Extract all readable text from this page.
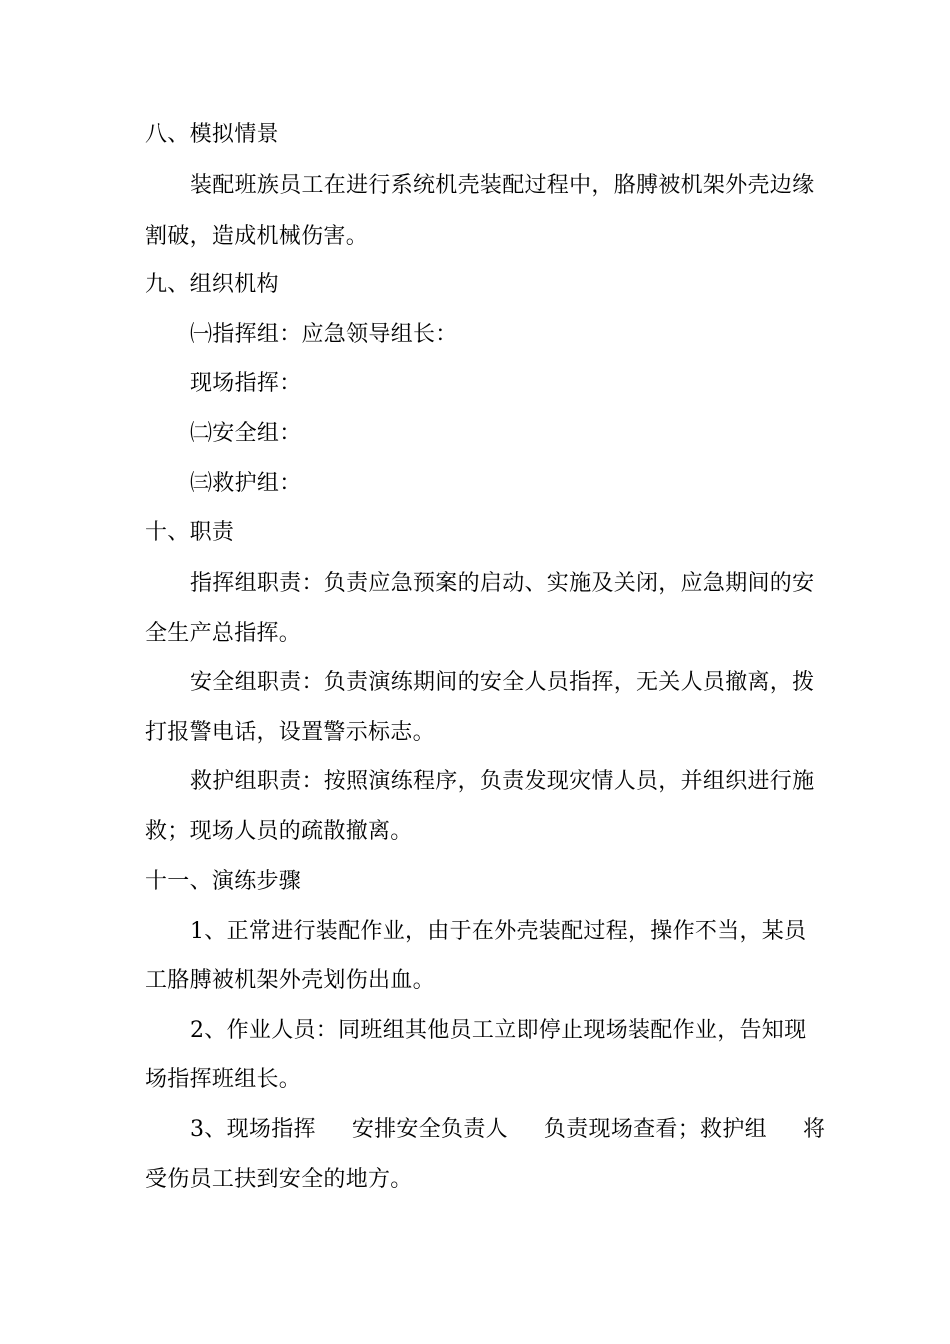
八、模拟情景
装配班族员工在进行系统机壳装配过程中，胳膊被机架外壳边缘
割破，造成机械伤害。
九、组织机构
㈠指挥组：应急领导组长：
现场指挥：
㈡安全组：
㈢救护组：
十、职责
指挥组职责：负责应急预案的启动、实施及关闭，应急期间的安
全生产总指挥。
安全组职责：负责演练期间的安全人员指挥，无关人员撤离，拨
打报警电话，设置警示标志。
救护组职责：按照演练程序，负责发现灾情人员，并组织进行施
救；现场人员的疏散撤离。
十一、演练步骤
1、正常进行装配作业，由于在外壳装配过程，操作不当，某员
工胳膊被机架外壳划伤出血。
2、作业人员：同班组其他员工立即停止现场装配作业，告知现
场指挥班组长。
3、现场指挥 安排安全负责人 负责现场查看；救护组 将
受伤员工扶到安全的地方。
